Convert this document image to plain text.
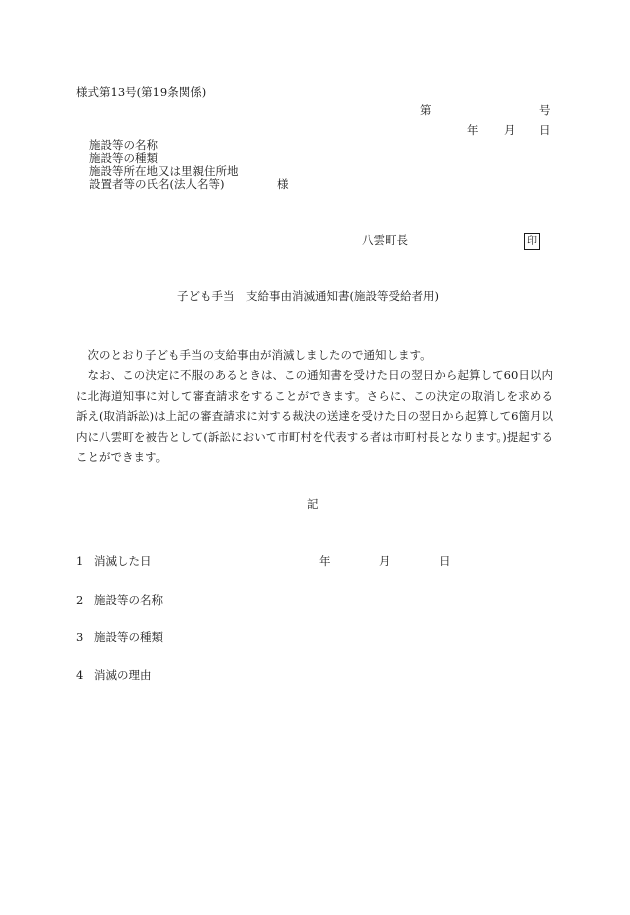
様式第13号(第19条関係)
第	号
年 月 日
施設等の名称
施設等の種類
施設等所在地又は里親住所地
設置者等の氏名(法人名等)	様
八雲町長	印
子ども手当　支給事由消滅通知書(施設等受給者用)
　次のとおり子ども手当の支給事由が消滅しましたので通知します。
　なお、この決定に不服のあるときは、この通知書を受けた日の翌日から起算して60日以内に北海道知事に対して審査請求をすることができます。さらに、この決定の取消しを求める訴え(取消訴訟)は上記の審査請求に対する裁決の送達を受けた日の翌日から起算して6箇月以内に八雲町を被告として(訴訟において市町村を代表する者は市町村長となります。)提起することができます。
記
1 消滅した日	年	月	日
2 施設等の名称
3 施設等の種類
4 消滅の理由
